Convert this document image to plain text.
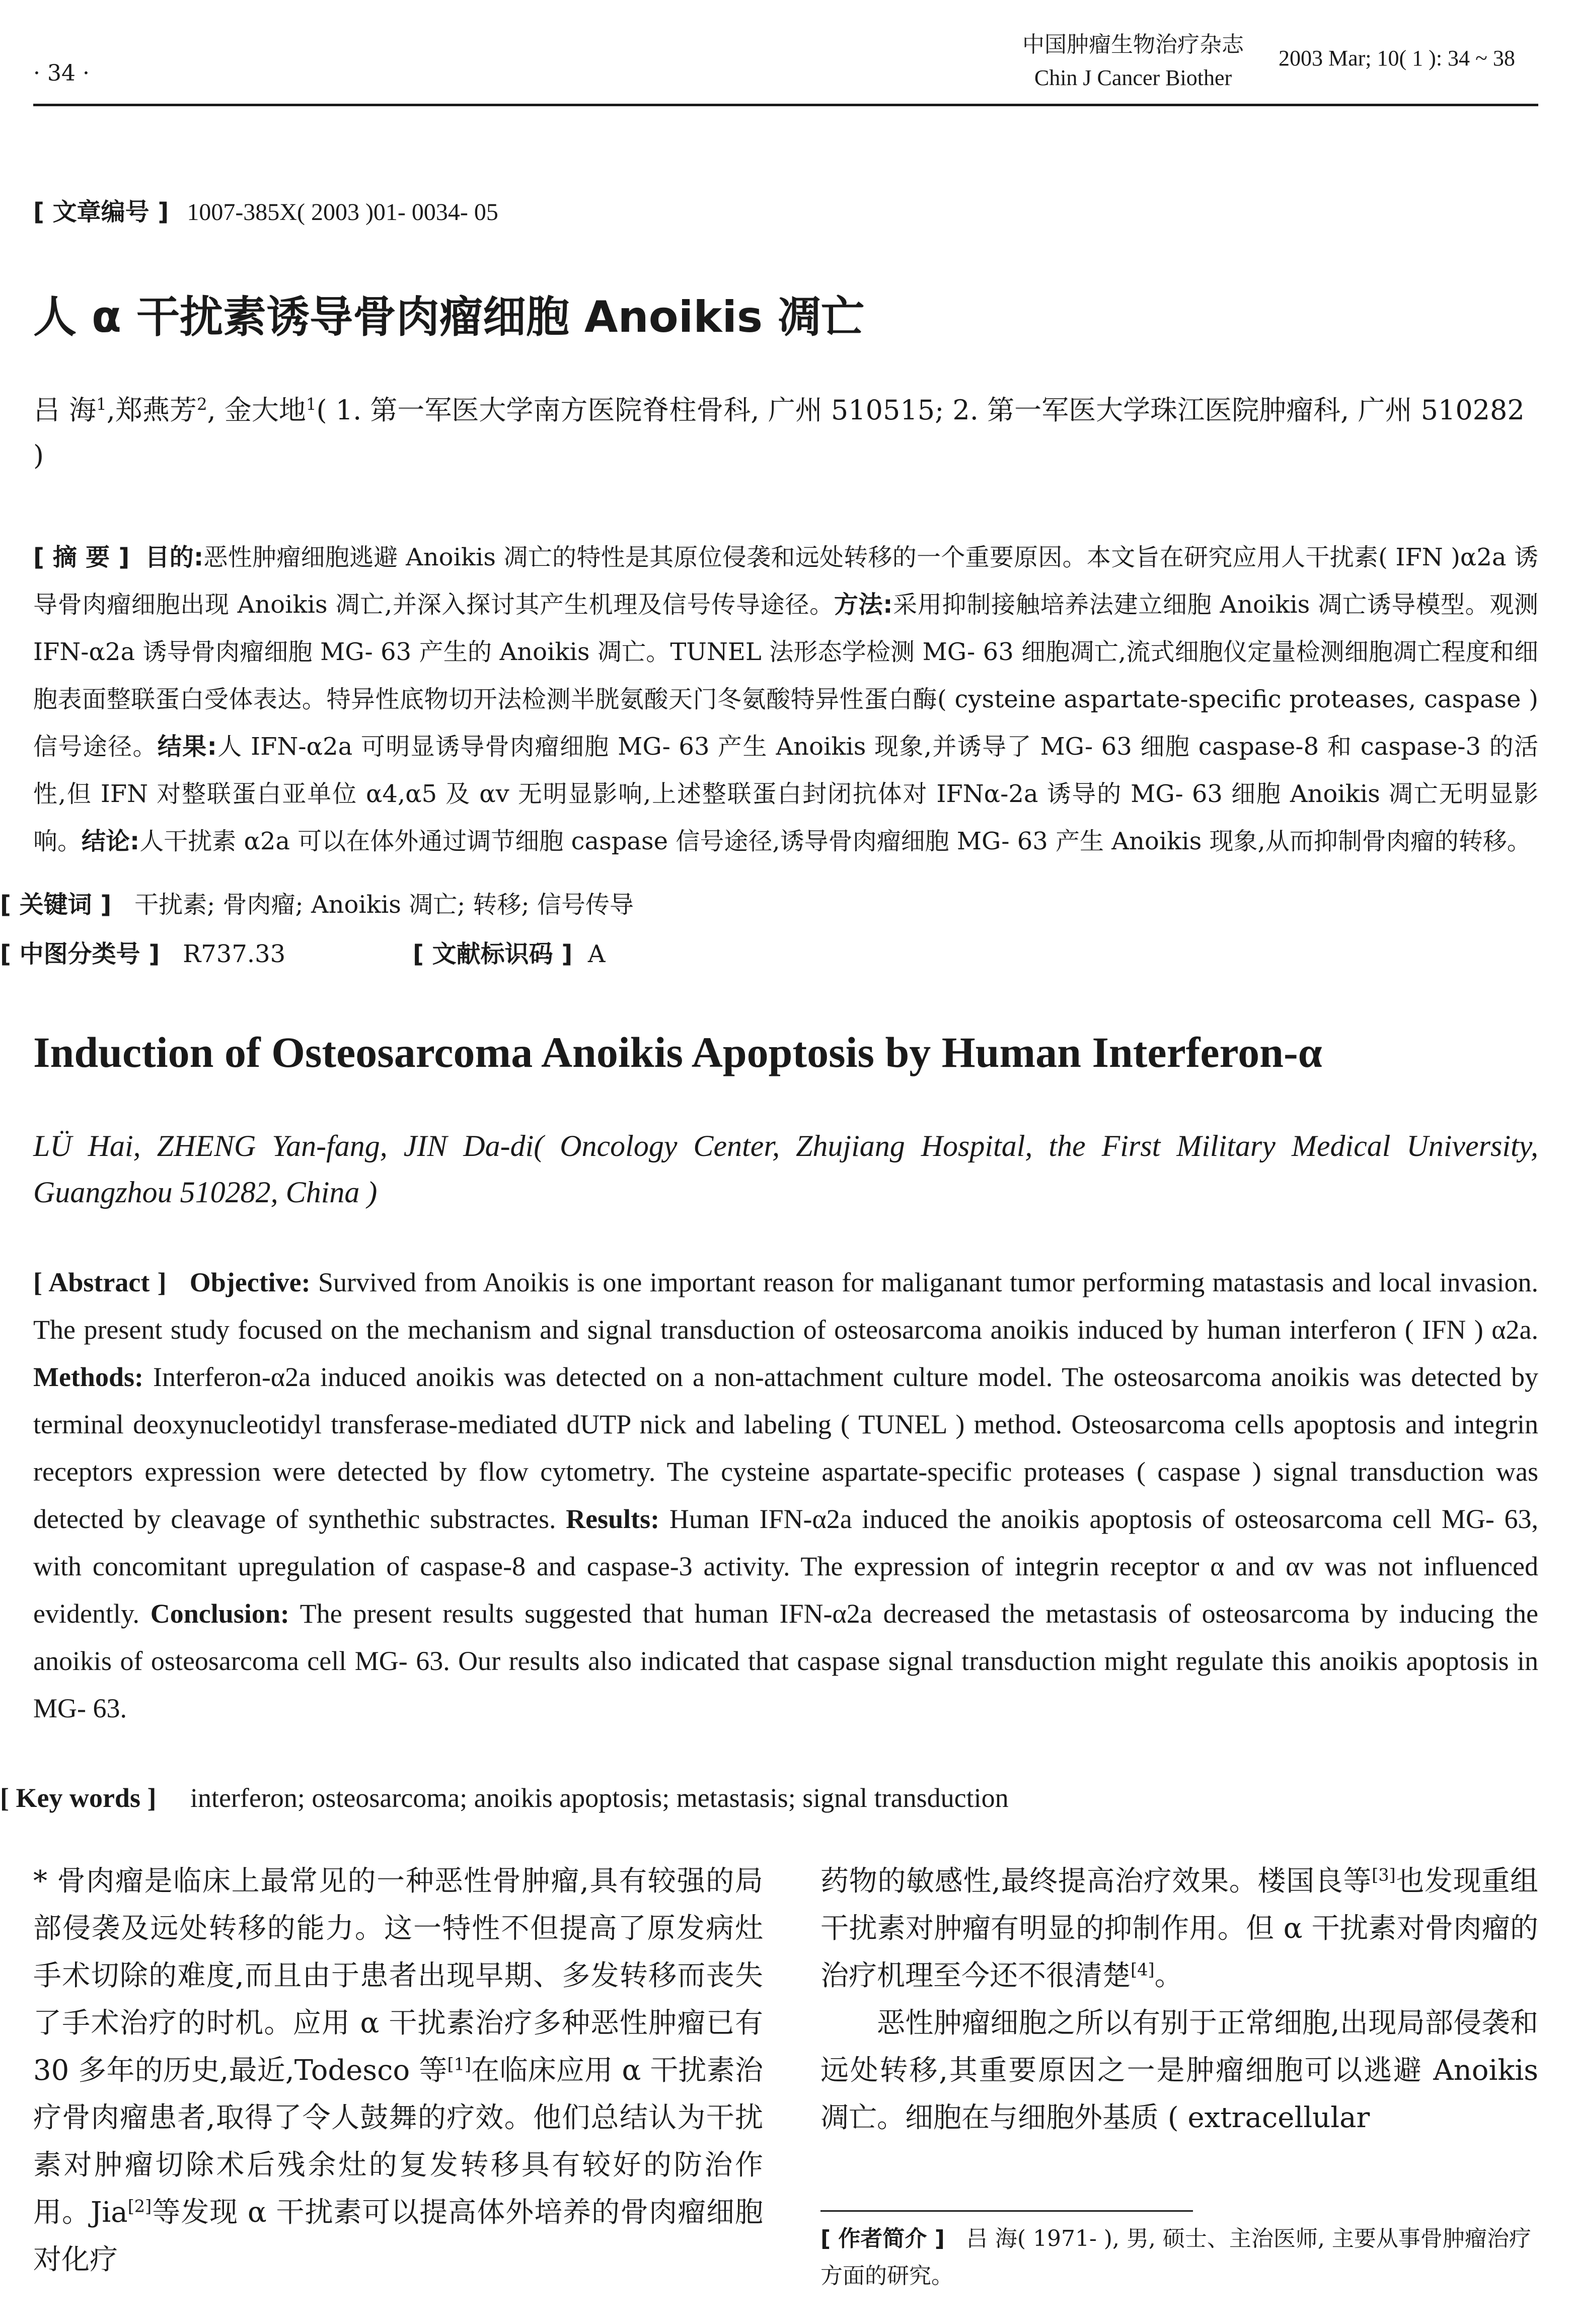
· 34 ·
中国肿瘤生物治疗杂志
Chin J Cancer Biother
2003 Mar; 10( 1 ): 34 ~ 38
[ 文章编号 ] 1007-385X( 2003 )01- 0034- 05
人 α 干扰素诱导骨肉瘤细胞 Anoikis 凋亡
吕 海$^1$,郑燕芳$^2$, 金大地$^1$( 1. 第一军医大学南方医院脊柱骨科, 广州 510515; 2. 第一军医大学珠江医院肿瘤科, 广州 510282 )
[ 摘 要 ] 目的:恶性肿瘤细胞逃避 Anoikis 凋亡的特性是其原位侵袭和远处转移的一个重要原因。本文旨在研究应用人干扰素( IFN )α2a 诱导骨肉瘤细胞出现 Anoikis 凋亡,并深入探讨其产生机理及信号传导途径。方法:采用抑制接触培养法建立细胞 Anoikis 凋亡诱导模型。观测 IFN-α2a 诱导骨肉瘤细胞 MG- 63 产生的 Anoikis 凋亡。TUNEL 法形态学检测 MG- 63 细胞凋亡,流式细胞仪定量检测细胞凋亡程度和细胞表面整联蛋白受体表达。特异性底物切开法检测半胱氨酸天门冬氨酸特异性蛋白酶( cysteine aspartate-specific proteases, caspase )信号途径。结果:人 IFN-α2a 可明显诱导骨肉瘤细胞 MG- 63 产生 Anoikis 现象,并诱导了 MG- 63 细胞 caspase-8 和 caspase-3 的活性,但 IFN 对整联蛋白亚单位 α4,α5 及 αv 无明显影响,上述整联蛋白封闭抗体对 IFNα-2a 诱导的 MG- 63 细胞 Anoikis 凋亡无明显影响。结论:人干扰素 α2a 可以在体外通过调节细胞 caspase 信号途径,诱导骨肉瘤细胞 MG- 63 产生 Anoikis 现象,从而抑制骨肉瘤的转移。
[ 关键词 ] 干扰素; 骨肉瘤; Anoikis 凋亡; 转移; 信号传导
[ 中图分类号 ] R737.33	[ 文献标识码 ] A
Induction of Osteosarcoma Anoikis Apoptosis by Human Interferon-α
LÜ Hai, ZHENG Yan-fang, JIN Da-di( Oncology Center, Zhujiang Hospital, the First Military Medical University, Guangzhou 510282, China )
[ Abstract ] Objective: Survived from Anoikis is one important reason for maliganant tumor performing matastasis and local invasion. The present study focused on the mechanism and signal transduction of osteosarcoma anoikis induced by human interferon ( IFN ) α2a. Methods: Interferon-α2a induced anoikis was detected on a non-attachment culture model. The osteosarcoma anoikis was detected by terminal deoxynucleotidyl transferase-mediated dUTP nick and labeling ( TUNEL ) method. Osteosarcoma cells apoptosis and integrin receptors expression were detected by flow cytometry. The cysteine aspartate-specific proteases ( caspase ) signal transduction was detected by cleavage of synthethic substractes. Results: Human IFN-α2a induced the anoikis apoptosis of osteosarcoma cell MG- 63, with concomitant upregulation of caspase-8 and caspase-3 activity. The expression of integrin receptor α and αv was not influenced evidently. Conclusion: The present results suggested that human IFN-α2a decreased the metastasis of osteosarcoma by inducing the anoikis of osteosarcoma cell MG- 63. Our results also indicated that caspase signal transduction might regulate this anoikis apoptosis in MG- 63.
[ Key words ] interferon; osteosarcoma; anoikis apoptosis; metastasis; signal transduction
* 骨肉瘤是临床上最常见的一种恶性骨肿瘤,具有较强的局部侵袭及远处转移的能力。这一特性不但提高了原发病灶手术切除的难度,而且由于患者出现早期、多发转移而丧失了手术治疗的时机。应用 α 干扰素治疗多种恶性肿瘤已有 30 多年的历史,最近,Todesco 等[1]在临床应用 α 干扰素治疗骨肉瘤患者,取得了令人鼓舞的疗效。他们总结认为干扰素对肿瘤切除术后残余灶的复发转移具有较好的防治作用。Jia[2]等发现 α 干扰素可以提高体外培养的骨肉瘤细胞对化疗
药物的敏感性,最终提高治疗效果。楼国良等[3]也发现重组干扰素对肿瘤有明显的抑制作用。但 α 干扰素对骨肉瘤的治疗机理至今还不很清楚[4]。
恶性肿瘤细胞之所以有别于正常细胞,出现局部侵袭和远处转移,其重要原因之一是肿瘤细胞可以逃避 Anoikis 凋亡。细胞在与细胞外基质 ( extracellular
[ 作者简介 ] 吕 海( 1971- ), 男, 硕士、主治医师, 主要从事骨肿瘤治疗方面的研究。
